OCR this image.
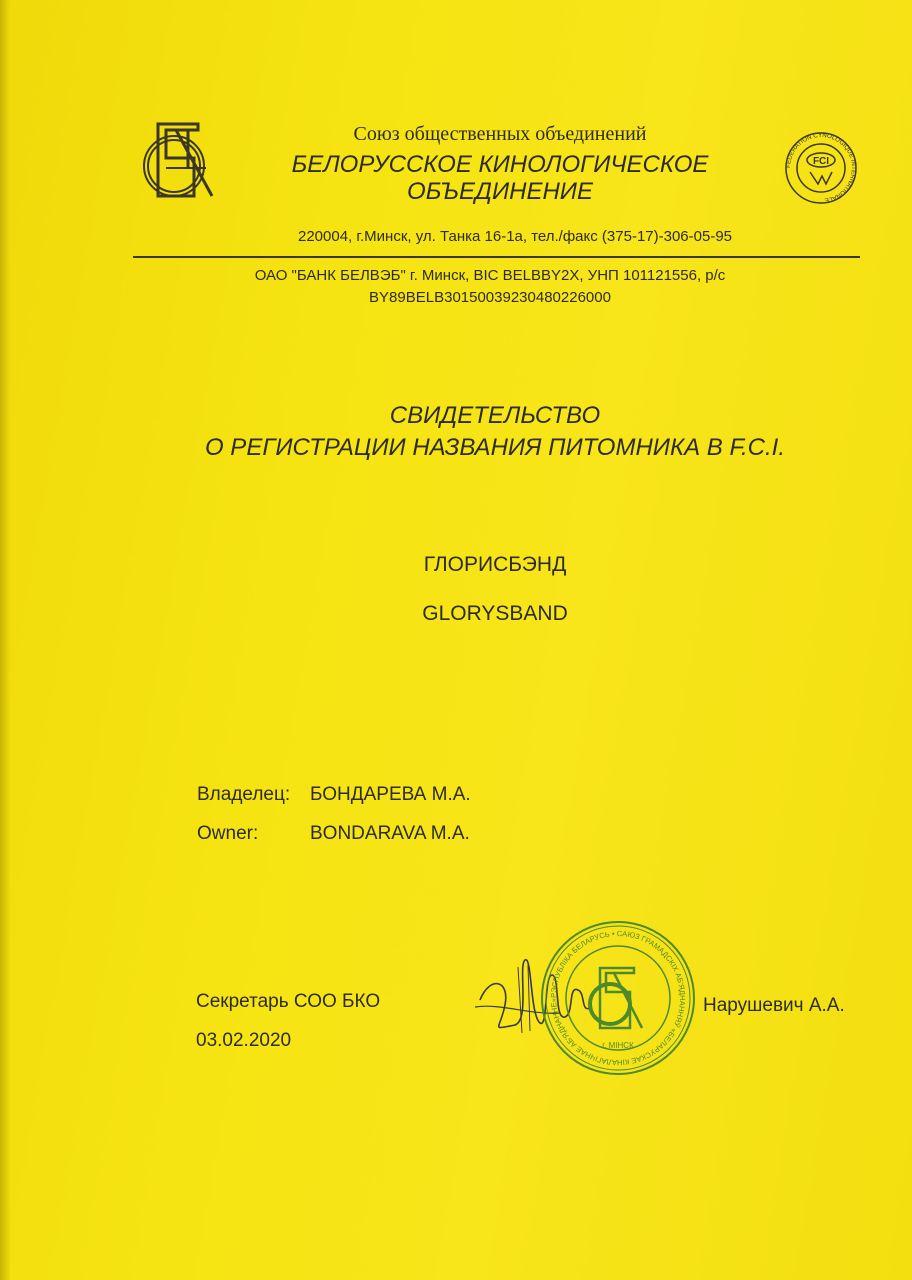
Союз общественных объединений
БЕЛОРУССКОЕ КИНОЛОГИЧЕСКОЕ
ОБЪЕДИНЕНИЕ
FEDERATION CYNOLOGIQUE INTERNATIONALE
FCI
220004, г.Минск, ул. Танка 16-1а, тел./факс (375-17)-306-05-95
ОАО "БАНК БЕЛВЭБ" г. Минск, BIC BELBBY2X, УНП 101121556, р/с
BY89BELB30150039230480226000
СВИДЕТЕЛЬСТВО
О РЕГИСТРАЦИИ НАЗВАНИЯ ПИТОМНИКА В F.C.I.
ГЛОРИСБЭНД
GLORYSBAND
Владелец: БОНДАРЕВА М.А.
Owner:	BONDARAVA M.A.
Секретарь СОО БКО
03.02.2020
РЭСПУБЛІКА БЕЛАРУСЬ • САЮЗ ГРАМАДСКІХ АБ'ЯДНАННЯЎ «БЕЛАРУСКАЕ КІНАЛАГІЧНАЕ АБ'ЯДНАННЕ»
г. МІНСК
Нарушевич А.А.
